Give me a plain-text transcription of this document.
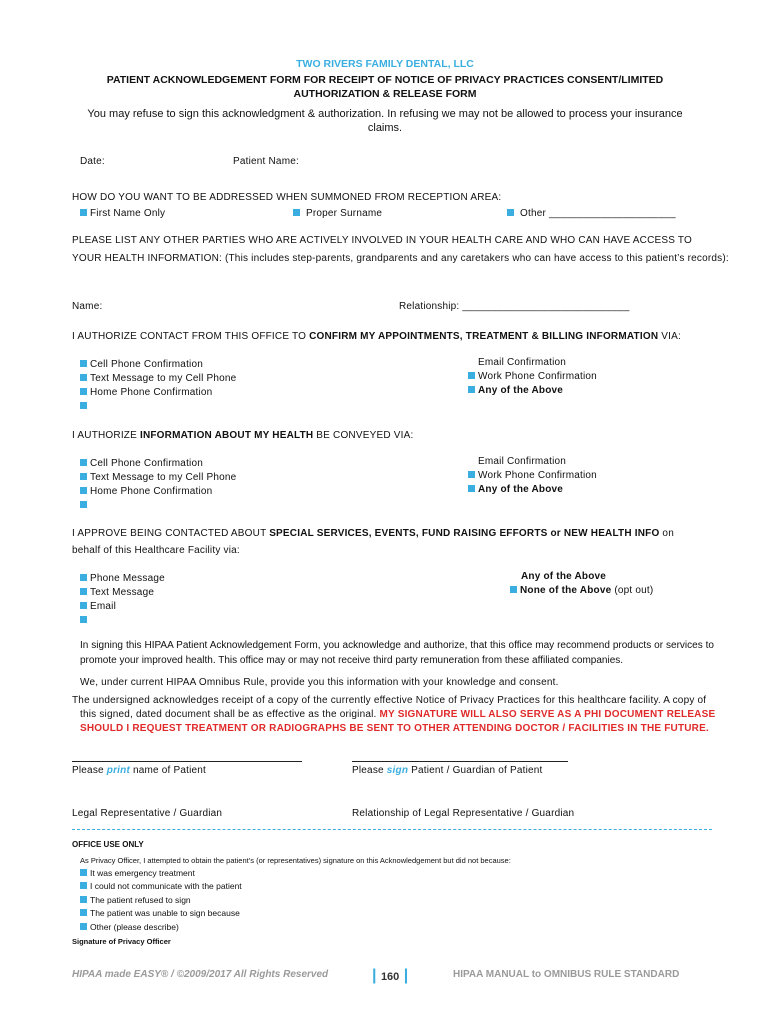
TWO RIVERS FAMILY DENTAL, LLC
PATIENT ACKNOWLEDGEMENT FORM FOR RECEIPT OF NOTICE OF PRIVACY PRACTICES CONSENT/LIMITED
AUTHORIZATION & RELEASE FORM
You may refuse to sign this acknowledgment & authorization. In refusing we may not be allowed to process your insurance
claims.
Date:	Patient Name:
HOW DO YOU WANT TO BE ADDRESSED WHEN SUMMONED FROM RECEPTION AREA:
First Name Only	Proper Surname	Other ______________________
PLEASE LIST ANY OTHER PARTIES WHO ARE ACTIVELY INVOLVED IN YOUR HEALTH CARE AND WHO CAN HAVE ACCESS TO
YOUR HEALTH INFORMATION: (This includes step-parents, grandparents and any caretakers who can have access to this patient’s records):
Name:	Relationship: _____________________________
I AUTHORIZE CONTACT FROM THIS OFFICE TO CONFIRM MY APPOINTMENTS, TREATMENT & BILLING INFORMATION VIA:
Cell Phone Confirmation
Text Message to my Cell Phone
Home Phone Confirmation
Email Confirmation
Work Phone Confirmation
Any of the Above
I AUTHORIZE INFORMATION ABOUT MY HEALTH BE CONVEYED VIA:
Cell Phone Confirmation
Text Message to my Cell Phone
Home Phone Confirmation
Email Confirmation
Work Phone Confirmation
Any of the Above
I APPROVE BEING CONTACTED ABOUT SPECIAL SERVICES, EVENTS, FUND RAISING EFFORTS or NEW HEALTH INFO on
behalf of this Healthcare Facility via:
Phone Message
Text Message
Email
Any of the Above
None of the Above (opt out)
In signing this HIPAA Patient Acknowledgement Form, you acknowledge and authorize, that this office may recommend products or services to promote your improved health. This office may or may not receive third party remuneration from these affiliated companies.
We, under current HIPAA Omnibus Rule, provide you this information with your knowledge and consent.
The undersigned acknowledges receipt of a copy of the currently effective Notice of Privacy Practices for this healthcare facility. A copy of
this signed, dated document shall be as effective as the original. MY SIGNATURE WILL ALSO SERVE AS A PHI DOCUMENT RELEASE
SHOULD I REQUEST TREATMENT OR RADIOGRAPHS BE SENT TO OTHER ATTENDING DOCTOR / FACILITIES IN THE FUTURE.
Please print name of Patient	Please sign Patient / Guardian of Patient
Legal Representative / Guardian	Relationship of Legal Representative / Guardian
OFFICE USE ONLY
As Privacy Officer, I attempted to obtain the patient’s (or representatives) signature on this Acknowledgement but did not because:
It was emergency treatment
I could not communicate with the patient
The patient refused to sign
The patient was unable to sign because
Other (please describe)
Signature of Privacy Officer
HIPAA made EASY® / ©2009/2017 All Rights Reserved	| 160 |	HIPAA MANUAL to OMNIBUS RULE STANDARD
